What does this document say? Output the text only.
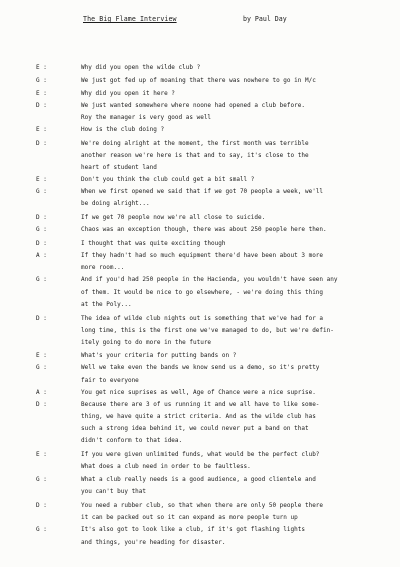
The Big Flame Interview	by Paul Day
E :	Why did you open the wilde club ?
G :	We just got fed up of moaning that there was nowhere to go in M/c
E :	Why did you open it here ?
D :	We just wanted somewhere where noone had opened a club before.
Roy the manager is very good as well
E :	How is the club doing ?
D :	We're doing alright at the moment, the first month was terrible
another reason we're here is that and to say, it's close to the
heart of student land
E :	Don't you think the club could get a bit small ?
G :	When we first opened we said that if we got 70 people a week, we'll
be doing alright...
D :	If we get 70 people now we're all close to suicide.
G :	Chaos was an exception though, there was about 250 people here then.
D :	I thought that was quite exciting though
A :	If they hadn't had so much equipment there'd have been about 3 more
more room...
G :	And if you'd had 250 people in the Hacienda, you wouldn't have seen any
of them. It would be nice to go elsewhere, - we're doing this thing
at the Poly...
D :	The idea of wilde club nights out is something that we've had for a
long time, this is the first one we've managed to do, but we're defin-
itely going to do more in the future
E :	What's your criteria for putting bands on ?
G :	Well we take even the bands we know send us a demo, so it's pretty
fair to everyone
A :	You get nice suprises as well, Age of Chance were a nice suprise.
D :	Because there are 3 of us running it and we all have to like some-
thing, we have quite a strict criteria. And as the wilde club has
such a strong idea behind it, we could never put a band on that
didn't conform to that idea.
E :	If you were given unlimited funds, what would be the perfect club?
What does a club need in order to be faultless.
G :	What a club really needs is a good audience, a good clientele and
you can't buy that
D :	You need a rubber club, so that when there are only 50 people there
it can be packed out so it can expand as more people turn up
G :	It's also got to look like a club, if it's got flashing lights
and things, you're heading for disaster.
